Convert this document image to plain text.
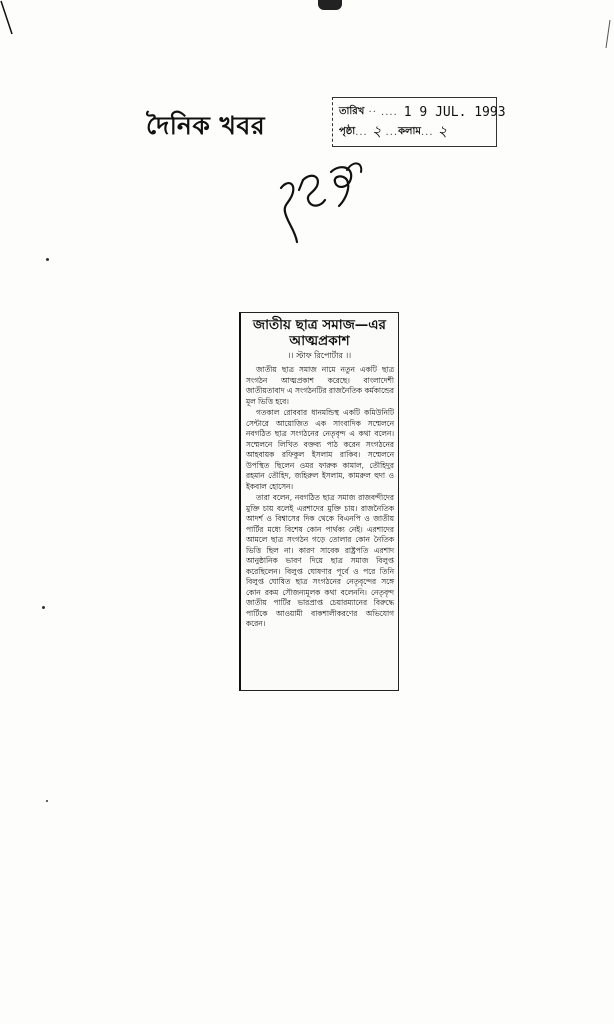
দৈনিক খবর	তারিখ ·· .... 1 9 JUL. 1993
পৃষ্ঠা ... ২ ... কলাম ... ২
জাতীয় ছাত্র সমাজ—এর আত্মপ্রকাশ
।। স্টাফ রিপোর্টার ।।

জাতীয় ছাত্র সমাজ নামে নতুন একটি ছাত্র সংগঠন আত্মপ্রকাশ করেছে। বাংলাদেশী জাতীয়তাবাদ এ সংগঠনটির রাজনৈতিক কর্মকান্ডের মূল ভিত্তি হবে।

গতকাল রোববার ধানমন্ডিস্থ একটি কমিউনিটি সেন্টারে আয়োজিত এক সাংবাদিক সম্মেলনে নবগঠিত ছাত্র সংগঠনের নেতৃবৃন্দ এ কথা বলেন। সম্মেলনে লিখিত বক্তব্য পাঠ করেন সংগঠনের আহবায়ক রফিকুল ইসলাম রাকিব। সম্মেলনে উপস্থিত ছিলেন ওমর ফারুক কামাল, তৌহিদুর রহমান তৌহিদ, জহিরুল ইসলাম, কামরুল হুদা ও ইকবাল হোসেন।

তারা বলেন, নবগঠিত ছাত্র সমাজ রাজবন্দীদের মুক্তি চায় বলেই এরশাদের মুক্তি চায়। রাজনৈতিক আদর্শ ও বিশ্বাসের দিক থেকে বিএনপি ও জাতীয় পার্টির মধ্যে বিশেষ কোন পার্থক্য নেই। এরশাদের আমলে ছাত্র সংগঠন গড়ে তোলার কোন নৈতিক ভিত্তি ছিল না। কারণ সাবেক রাষ্ট্রপতি এরশাদ আনুষ্ঠানিক ভাবণ দিয়ে ছাত্র সমাজ বিলুপ্ত করেছিলেন। বিলুপ্ত ঘোষণার পূর্বে ও পরে তিনি বিলুপ্ত ঘোষিত ছাত্র সংগঠনের নেতৃবৃন্দের সঙ্গে কোন রকম সৌজন্যমূলক কথা বলেননি। নেতৃবৃন্দ জাতীয় পার্টির ভারপ্রাপ্ত চেয়ারম্যানের বিরুদ্ধে পার্টিকে আওয়ামী বাকশালীকরণের অভিযোগ করেন।
